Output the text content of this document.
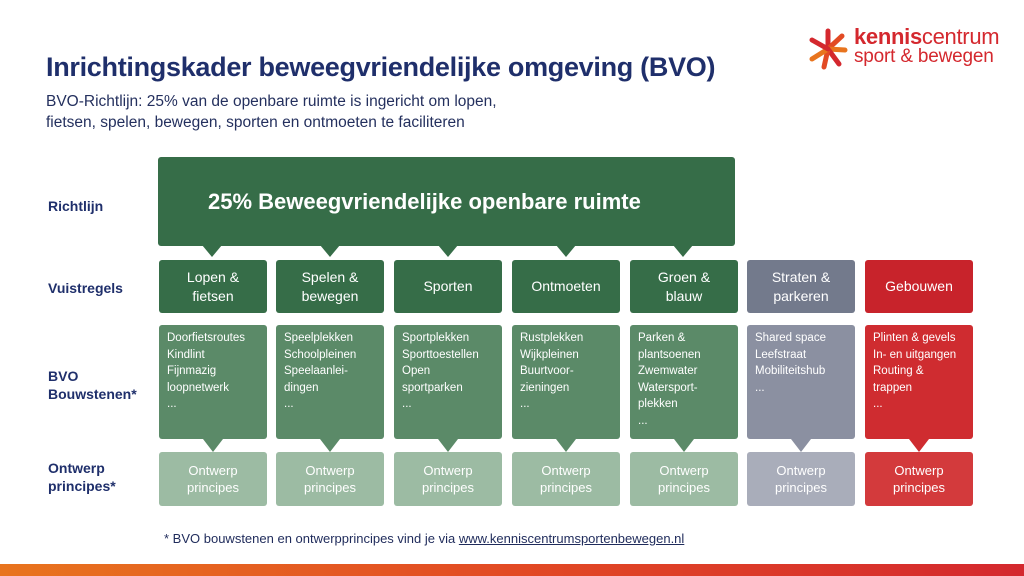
Inrichtingskader beweegvriendelijke omgeving (BVO)
BVO-Richtlijn: 25% van de openbare ruimte is ingericht om lopen,
fietsen, spelen, bewegen, sporten en ontmoeten te faciliteren
kenniscentrum
sport & bewegen
Richtlijn
Vuistregels
BVO
Bouwstenen*
Ontwerp
principes*
25% Beweegvriendelijke openbare ruimte
Lopen &
fietsen
Doorfietsroutes
Kindlint
Fijnmazig
loopnetwerk
...
Ontwerp
principes
Spelen &
bewegen
Speelplekken
Schoolpleinen
Speelaanlei-
dingen
...
Ontwerp
principes
Sporten
Sportplekken
Sporttoestellen
Open
sportparken
...
Ontwerp
principes
Ontmoeten
Rustplekken
Wijkpleinen
Buurtvoor-
zieningen
...
Ontwerp
principes
Groen &
blauw
Parken &
plantsoenen
Zwemwater
Watersport-
plekken
...
Ontwerp
principes
Straten &
parkeren
Shared space
Leefstraat
Mobiliteitshub
...
Ontwerp
principes
Gebouwen
Plinten & gevels
In- en uitgangen
Routing &
trappen
...
Ontwerp
principes
* BVO bouwstenen en ontwerpprincipes vind je via www.kenniscentrumsportenbewegen.nl
